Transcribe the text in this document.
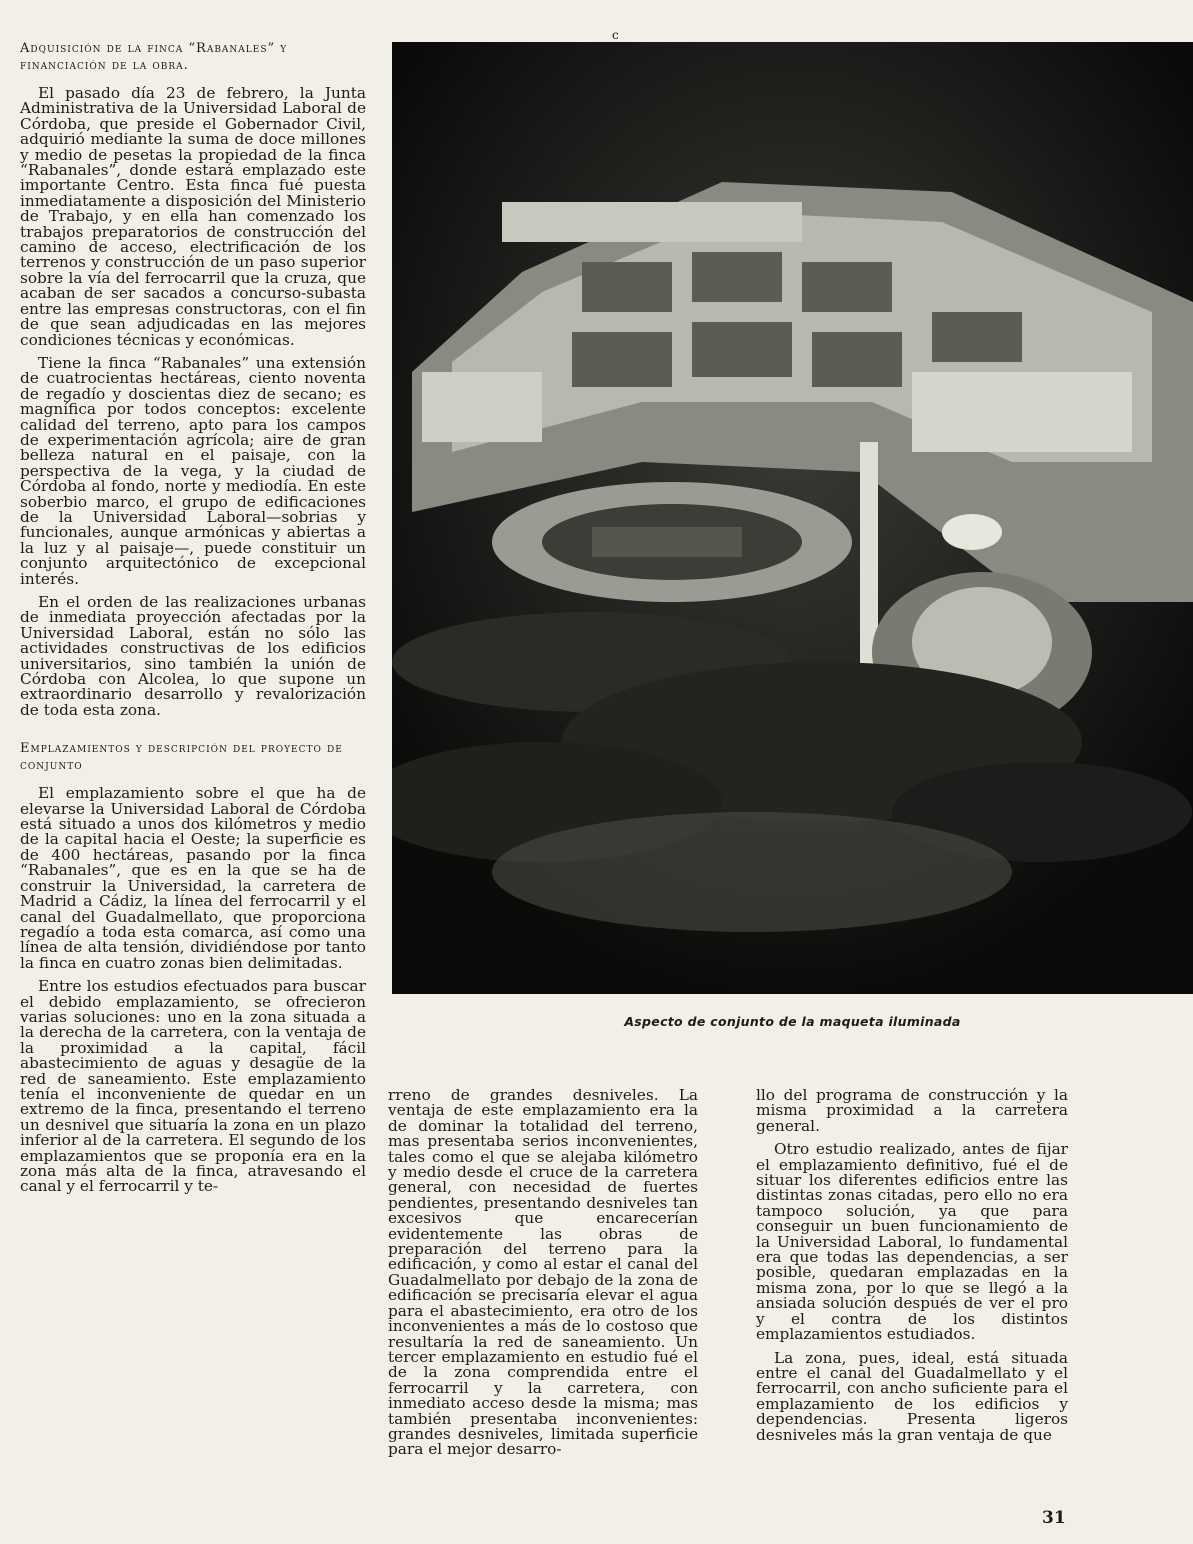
c
Adquisición de la finca “Rabanales” y financiación de la obra.

El pasado día 23 de febrero, la Junta Administrativa de la Universidad Laboral de Córdoba, que preside el Gobernador Civil, adquirió mediante la suma de doce millones y medio de pesetas la propiedad de la finca “Rabanales”, donde estará emplazado este importante Centro. Esta finca fué puesta inmediatamente a disposición del Ministerio de Trabajo, y en ella han comenzado los trabajos preparatorios de construcción del camino de acceso, electrificación de los terrenos y construcción de un paso superior sobre la vía del ferrocarril que la cruza, que acaban de ser sacados a concurso-subasta entre las empresas constructoras, con el fin de que sean adjudicadas en las mejores condiciones técnicas y económicas.

Tiene la finca “Rabanales” una extensión de cuatrocientas hectáreas, ciento noventa de regadío y doscientas diez de secano; es magnífica por todos conceptos: excelente calidad del terreno, apto para los campos de experimentación agrícola; aire de gran belleza natural en el paisaje, con la perspectiva de la vega, y la ciudad de Córdoba al fondo, norte y mediodía. En este soberbio marco, el grupo de edificaciones de la Universidad Laboral—sobrias y funcionales, aunque armónicas y abiertas a la luz y al paisaje—, puede constituir un conjunto arquitectónico de excepcional interés.

En el orden de las realizaciones urbanas de inmediata proyección afectadas por la Universidad Laboral, están no sólo las actividades constructivas de los edificios universitarios, sino también la unión de Córdoba con Alcolea, lo que supone un extraordinario desarrollo y revalorización de toda esta zona.

Emplazamientos y descripción del proyecto de conjunto

El emplazamiento sobre el que ha de elevarse la Universidad Laboral de Córdoba está situado a unos dos kilómetros y medio de la capital hacia el Oeste; la superficie es de 400 hectáreas, pasando por la finca “Rabanales”, que es en la que se ha de construir la Universidad, la carretera de Madrid a Cádiz, la línea del ferrocarril y el canal del Guadalmellato, que proporciona regadío a toda esta comarca, así como una línea de alta tensión, dividiéndose por tanto la finca en cuatro zonas bien delimitadas.

Entre los estudios efectuados para buscar el debido emplazamiento, se ofrecieron varias soluciones: uno en la zona situada a la derecha de la carretera, con la ventaja de la proximidad a la capital, fácil abastecimiento de aguas y desagüe de la red de saneamiento. Este emplazamiento tenía el inconveniente de quedar en un extremo de la finca, presentando el terreno un desnivel que situaría la zona en un plazo inferior al de la carretera. El segundo de los emplazamientos que se proponía era en la zona más alta de la finca, atravesando el canal y el ferrocarril y te-

Aspecto de conjunto de la maqueta iluminada

rreno de grandes desniveles. La ventaja de este emplazamiento era la de dominar la totalidad del terreno, mas presentaba serios inconvenientes, tales como el que se alejaba kilómetro y medio desde el cruce de la carretera general, con necesidad de fuertes pendientes, presentando desniveles tan excesivos que encarecerían evidentemente las obras de preparación del terreno para la edificación, y como al estar el canal del Guadalmellato por debajo de la zona de edificación se precisaría elevar el agua para el abastecimiento, era otro de los inconvenientes a más de lo costoso que resultaría la red de saneamiento. Un tercer emplazamiento en estudio fué el de la zona comprendida entre el ferrocarril y la carretera, con inmediato acceso desde la misma; mas también presentaba inconvenientes: grandes desniveles, limitada superficie para el mejor desarro-

llo del programa de construcción y la misma proximidad a la carretera general.

Otro estudio realizado, antes de fijar el emplazamiento definitivo, fué el de situar los diferentes edificios entre las distintas zonas citadas, pero ello no era tampoco solución, ya que para conseguir un buen funcionamiento de la Universidad Laboral, lo fundamental era que todas las dependencias, a ser posible, quedaran emplazadas en la misma zona, por lo que se llegó a la ansiada solución después de ver el pro y el contra de los distintos emplazamientos estudiados.

La zona, pues, ideal, está situada entre el canal del Guadalmellato y el ferrocarril, con ancho suficiente para el emplazamiento de los edificios y dependencias. Presenta ligeros desniveles más la gran ventaja de que

31
